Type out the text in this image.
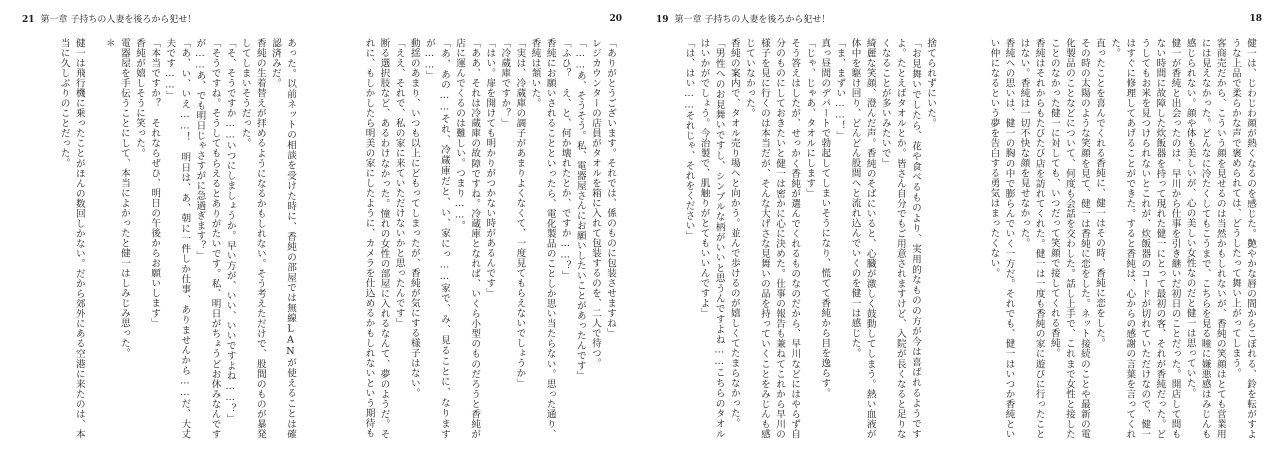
21 第一章 子持ちの人妻を後ろから犯せ！

あった。以前ネットの相談を受けた時に、香純の部屋では無線LANが使えることは確認済みだ。

香純の生着替えが拝めるようになるかもしれない。そう考えただけで、股間のものが暴発してしまいそうだった。

「そ、そうですか……いつにしましょうか。早い方が、いい、いいですよね……？」

「そうですね。そうしてもらえるとありがたいです。私、明日がちょうどお休みなんですが……あ、でも明日じゃさすがに急過ぎます？」

「あ、い、いえ……！　明日は、あ、朝に一件しか仕事、ありませんから……だ、大丈夫です……」

「本当ですか？　それならぜひ、明日の午後からお願いします」

香純が嬉しそうに笑った。

電器屋を手伝うことにして、本当によかったと健一はしみじみ思った。

＊

健一は飛行機に乗ったことがほんの数回しかない。だから郊外にある空港に来たのは、本当に久しぶりのことだった。

20

「ありがとうございます。それでは、係のものに包装させますね」

レジカウンターの店員がタオルを箱に入れて包装するのを、二人で待つ。

「……あ、そうそう。私、電器屋さんにお願いしたいことがあったんです」

「ふひ？　え、と、何か壊れたとか、ですか……？」

香純にお願いされることといったら、電化製品のことしか思い当たらない。思った通り、香純は頷いた。

「実は、冷蔵庫の調子があまりよくなくて、一度見てもらえないでしょうか」

「冷蔵庫ですか？」

「はい。扉を開けても明かりがつかない時があるんです」

「ああ、それは冷蔵庫の故障ですね。冷蔵庫となれば、いくら小型のものだろうと香純が店に運んでくるのは難しい。つまり……。

「あ、あの……それ、冷蔵庫だと、い、家にっ……家で、み、見ることに、なりますが……」

動揺のあまり、いつも以上にどもってしまったが、香純が気にする様子はない。

「ええ、それで、私の家に来ていただけないかと思ったんです」

断る選択肢など、あるわけなかった。憧れの女性の部屋に入れるなんて、夢のようだ。それに、もしかしたら明美の家にしたように、カメラを仕込めるかもしれないという期待も

19 第一章 子持ちの人妻を後ろから犯せ！

捨てられずにいた。

「お見舞いでしたら、花や食べるものより、実用的なものの方が今は喜ばれるようですよ。たとえばタオルとか。皆さん自分でもご用意されますけど、入院が長くなると足りなくなることが多いみたいで」

綺麗な笑顔、澄んだ声。香純のそばにいると、心臓が激しく鼓動してしまう。熱い血液が体中を駆け回り、どんどん股間へと流れ込んでいくのを健一は感じた。

「ま、まずい……！」

真っ昼間のデパートで勃起してしまいそうになり、慌てて香純から目を逸らす。

「じゃ、じゃあ、タオルにします」

そう答えはしたが、せっかく香純が選んでくれるものなのだから、早川などにはやらず自分のものにしておきたいと健一は密かに心に決めた。仕事の報告も兼ねてこれから早川の様子を見に行くのは本当だが、そんな大げさな見舞いの品を持っていくことをみじんも感じていなかった。

香純の案内で、タオル売り場へと向かう。並んで歩けるのが嬉しくてたまらなかった。

「男性へのお見舞いですし、シンプルな柄がいいと思うんですよね……こちらのタオルはいかがでしょう。今治製で、肌触りがとてもいいんですよ」

「は、はい……それじゃ、それをください」

18

健一は、じわじわ顔が熱くなるのを感じた。艶やかな唇の間からこぼれる、鈴を転がすような上品で柔らかな声で褒められては、どうしたって舞い上がってしまう。

客商売だから、こういう顔を見せるのは当然かもしれないが、香純の笑顔はとても営業用には見えなかった。どんなに冷たくしてもこうまで、こちらを見る瞳に嫌悪感はみじんも感じられない。顔や体も美しいが、心の美しい女性なのだと健一は思っていた。

健一が香純と出会ったのは、早川から仕事を引き継いだ初日のことだった。開店して間もない時間に故障した炊飯器を持って現れた健一にとって最初の客、それが香純だった。どうしてもお米を見つけられないとこれが、炊飯器のコードが切れていただけなので、健一はすぐに修理してあげることができた。すると香純は、心からの感謝の言葉を言ってくれた。

直ったことを喜んでくれる香純に、健一はその時、香純に恋をした。

その時の太陽のような笑顔を見て、健一は香純に恋をした。ネット接続のことや最新の電化製品のことなどについて、何度も会話を交わした。話し上手で、これまで女性と接したことのなかった健一に対しても、いつだって笑顔で接してくれる香純。

香純はそれからもたびたび店を訪れてくれた。健一は一度も香純の家に遊びに行ったことはない。香純は一切不快な顔を見せなかった。

香純への思いは、健一の胸の中で膨らんでいく一方だ。それでも、健一はいつか香純といい仲になるという夢を告白する勇気はまったくない。
